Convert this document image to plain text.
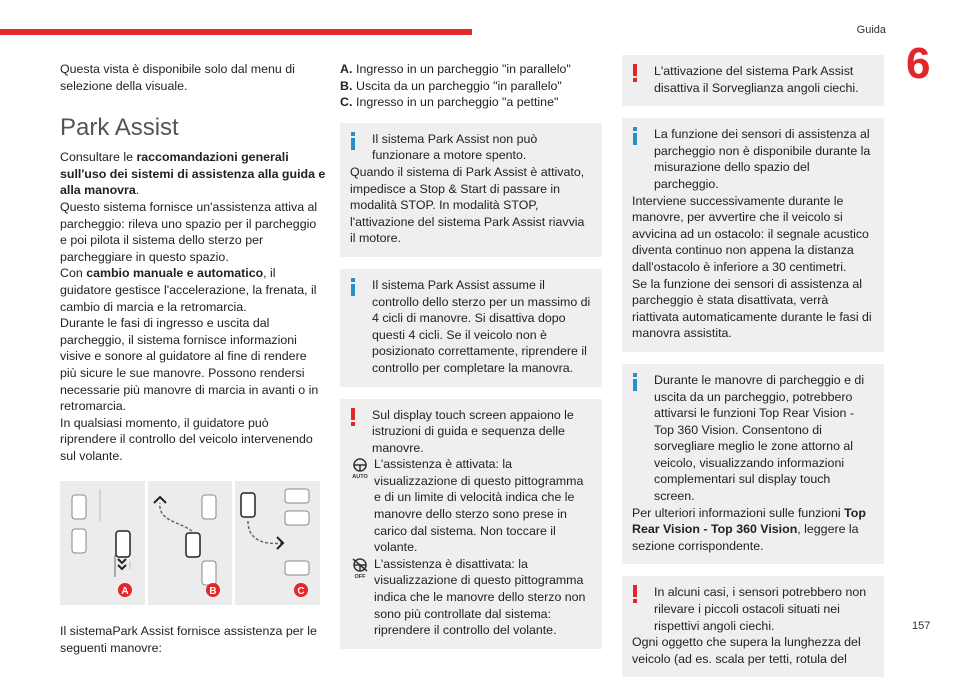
Guida
6

Questa vista è disponibile solo dal menu di selezione della visuale.

Park Assist

Consultare le raccomandazioni generali sull'uso dei sistemi di assistenza alla guida e alla manovra.

Questo sistema fornisce un'assistenza attiva al parcheggio: rileva uno spazio per il parcheggio e poi pilota il sistema dello sterzo per parcheggiare in questo spazio.

Con cambio manuale e automatico, il guidatore gestisce l'accelerazione, la frenata, il cambio di marcia e la retromarcia.

Durante le fasi di ingresso e uscita dal parcheggio, il sistema fornisce informazioni visive e sonore al guidatore al fine di rendere più sicure le sue manovre. Possono rendersi necessarie più manovre di marcia in avanti o in retromarcia.

In qualsiasi momento, il guidatore può riprendere il controllo del veicolo intervenendo sul volante.

A	B	C

Il sistemaPark Assist fornisce assistenza per le seguenti manovre:

A. Ingresso in un parcheggio "in parallelo"
B. Uscita da un parcheggio "in parallelo"
C. Ingresso in un parcheggio "a pettine"

Il sistema Park Assist non può funzionare a motore spento.

Quando il sistema di Park Assist è attivato, impedisce a Stop & Start di passare in modalità STOP. In modalità STOP, l'attivazione del sistema Park Assist riavvia il motore.

Il sistema Park Assist assume il controllo dello sterzo per un massimo di 4 cicli di manovre. Si disattiva dopo questi 4 cicli. Se il veicolo non è posizionato correttamente, riprendere il controllo per completare la manovra.

Sul display touch screen appaiono le istruzioni di guida e sequenza delle manovre.

AUTO
L'assistenza è attivata: la visualizzazione di questo pittogramma e di un limite di velocità indica che le manovre dello sterzo sono prese in carico dal sistema. Non toccare il volante.
OFF
L'assistenza è disattivata: la visualizzazione di questo pittogramma indica che le manovre dello sterzo non sono più controllate dal sistema: riprendere il controllo del volante.

L'attivazione del sistema Park Assist disattiva il Sorveglianza angoli ciechi.

La funzione dei sensori di assistenza al parcheggio non è disponibile durante la misurazione dello spazio del parcheggio.

Interviene successivamente durante le manovre, per avvertire che il veicolo si avvicina ad un ostacolo: il segnale acustico diventa continuo non appena la distanza dall'ostacolo è inferiore a 30 centimetri.

Se la funzione dei sensori di assistenza al parcheggio è stata disattivata, verrà riattivata automaticamente durante le fasi di manovra assistita.

Durante le manovre di parcheggio e di uscita da un parcheggio, potrebbero attivarsi le funzioni Top Rear Vision - Top 360 Vision. Consentono di sorvegliare meglio le zone attorno al veicolo, visualizzando informazioni complementari sul display touch screen.

Per ulteriori informazioni sulle funzioni Top Rear Vision - Top 360 Vision, leggere la sezione corrispondente.

In alcuni casi, i sensori potrebbero non rilevare i piccoli ostacoli situati nei rispettivi angoli ciechi.

Ogni oggetto che supera la lunghezza del veicolo (ad es. scala per tetti, rotula del

157
